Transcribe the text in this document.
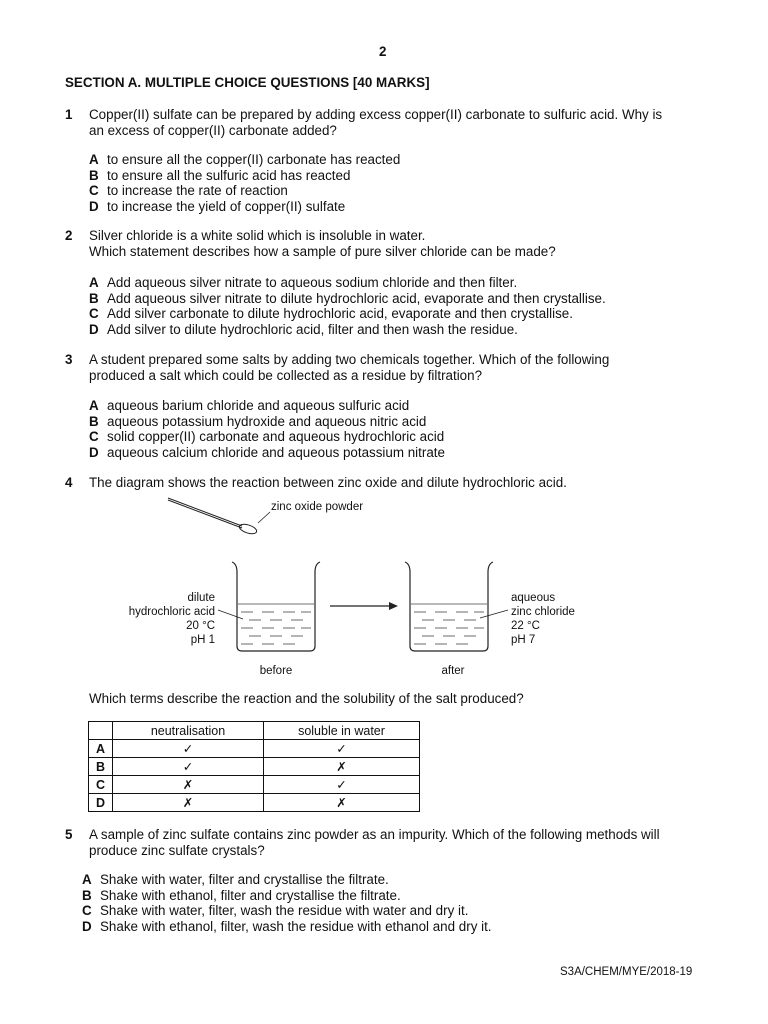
2
SECTION A. MULTIPLE CHOICE QUESTIONS [40 MARKS]
1 Copper(II) sulfate can be prepared by adding excess copper(II) carbonate to sulfuric acid. Why is
an excess of copper(II) carbonate added?
A to ensure all the copper(II) carbonate has reacted
B to ensure all the sulfuric acid has reacted
C to increase the rate of reaction
D to increase the yield of copper(II) sulfate
2 Silver chloride is a white solid which is insoluble in water.
Which statement describes how a sample of pure silver chloride can be made?
A Add aqueous silver nitrate to aqueous sodium chloride and then filter.
B Add aqueous silver nitrate to dilute hydrochloric acid, evaporate and then crystallise.
C Add silver carbonate to dilute hydrochloric acid, evaporate and then crystallise.
D Add silver to dilute hydrochloric acid, filter and then wash the residue.
3 A student prepared some salts by adding two chemicals together. Which of the following
produced a salt which could be collected as a residue by filtration?
A aqueous barium chloride and aqueous sulfuric acid
B aqueous potassium hydroxide and aqueous nitric acid
C solid copper(II) carbonate and aqueous hydrochloric acid
D aqueous calcium chloride and aqueous potassium nitrate
4 The diagram shows the reaction between zinc oxide and dilute hydrochloric acid.
zinc oxide powder
dilute
hydrochloric acid
20 °C
pH 1
aqueous
zinc chloride
22 °C
pH 7
before	after
Which terms describe the reaction and the solubility of the salt produced?
	neutralisation	soluble in water
A	✓	✓
B	✓	✗
C	✗	✓
D	✗	✗
5 A sample of zinc sulfate contains zinc powder as an impurity. Which of the following methods will
produce zinc sulfate crystals?
A Shake with water, filter and crystallise the filtrate.
B Shake with ethanol, filter and crystallise the filtrate.
C Shake with water, filter, wash the residue with water and dry it.
D Shake with ethanol, filter, wash the residue with ethanol and dry it.
S3A/CHEM/MYE/2018-19
